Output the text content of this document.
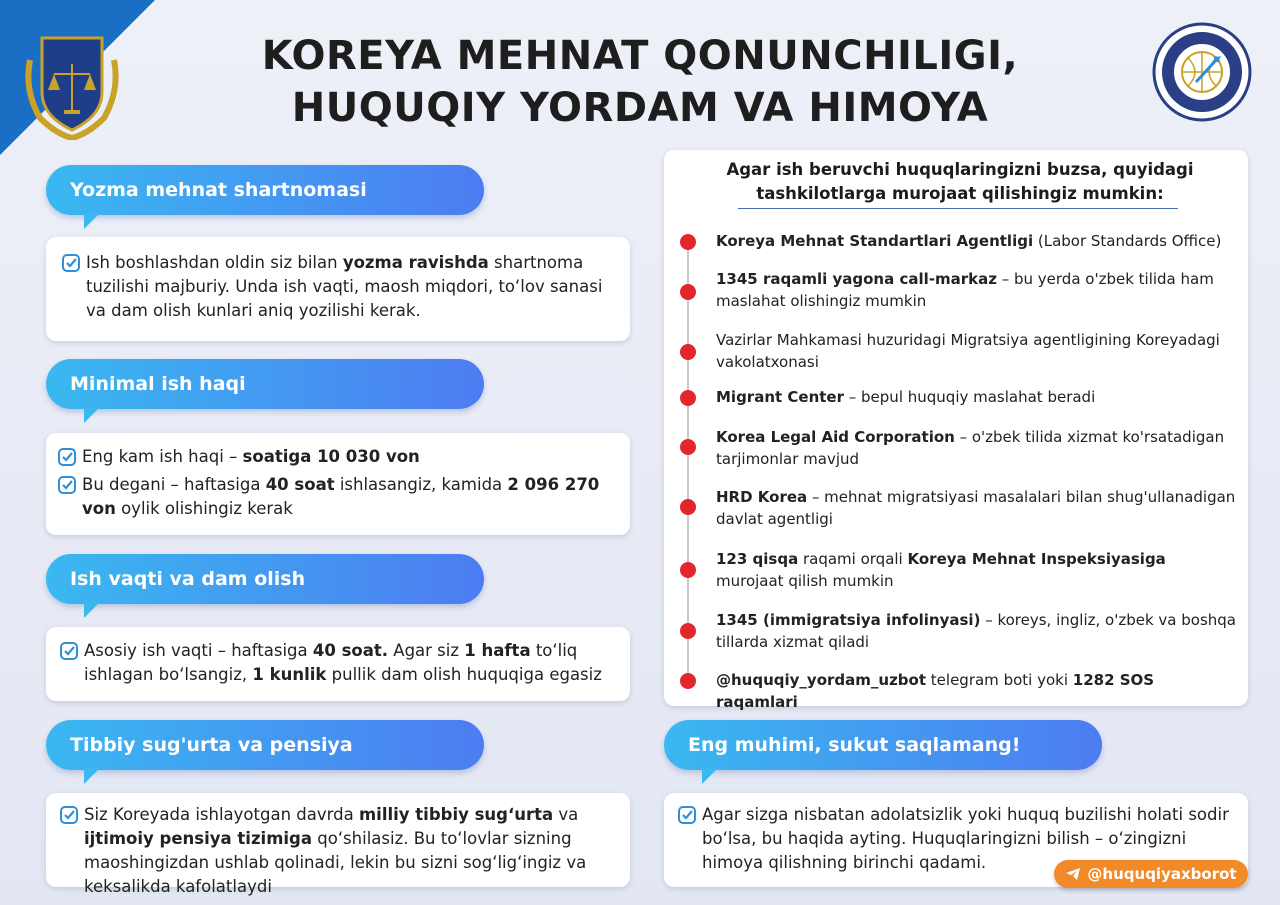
KOREYA MEHNAT QONUNCHILIGI,
HUQUQIY YORDAM VA HIMOYA
Yozma mehnat shartnomasi
Ish boshlashdan oldin siz bilan yozma ravishda shartnoma tuzilishi majburiy. Unda ish vaqti, maosh miqdori, toʻlov sanasi va dam olish kunlari aniq yozilishi kerak.
Minimal ish haqi
Eng kam ish haqi – soatiga 10 030 von
Bu degani – haftasiga 40 soat ishlasangiz, kamida 2 096 270 von oylik olishingiz kerak
Ish vaqti va dam olish
Asosiy ish vaqti – haftasiga 40 soat. Agar siz 1 hafta toʻliq ishlagan boʻlsangiz, 1 kunlik pullik dam olish huquqiga egasiz
Tibbiy sug'urta va pensiya
Siz Koreyada ishlayotgan davrda milliy tibbiy sugʻurta va ijtimoiy pensiya tizimiga qoʻshilasiz. Bu toʻlovlar sizning maoshingizdan ushlab qolinadi, lekin bu sizni sogʻligʻingiz va keksalikda kafolatlaydi
Agar ish beruvchi huquqlaringizni buzsa, quyidagi tashkilotlarga murojaat qilishingiz mumkin:
Koreya Mehnat Standartlari Agentligi (Labor Standards Office)
1345 raqamli yagona call-markaz – bu yerda o'zbek tilida ham maslahat olishingiz mumkin
Vazirlar Mahkamasi huzuridagi Migratsiya agentligining Koreyadagi vakolatxonasi
Migrant Center – bepul huquqiy maslahat beradi
Korea Legal Aid Corporation – o'zbek tilida xizmat ko'rsatadigan tarjimonlar mavjud
HRD Korea – mehnat migratsiyasi masalalari bilan shug'ullanadigan davlat agentligi
123 qisqa raqami orqali Koreya Mehnat Inspeksiyasiga murojaat qilish mumkin
1345 (immigratsiya infolinyasi) – koreys, ingliz, o'zbek va boshqa tillarda xizmat qiladi
@huquqiy_yordam_uzbot telegram boti yoki 1282 SOS raqamlari
Eng muhimi, sukut saqlamang!
Agar sizga nisbatan adolatsizlik yoki huquq buzilishi holati sodir boʻlsa, bu haqida ayting. Huquqlaringizni bilish – oʻzingizni himoya qilishning birinchi qadami.
@huquqiyaxborot
